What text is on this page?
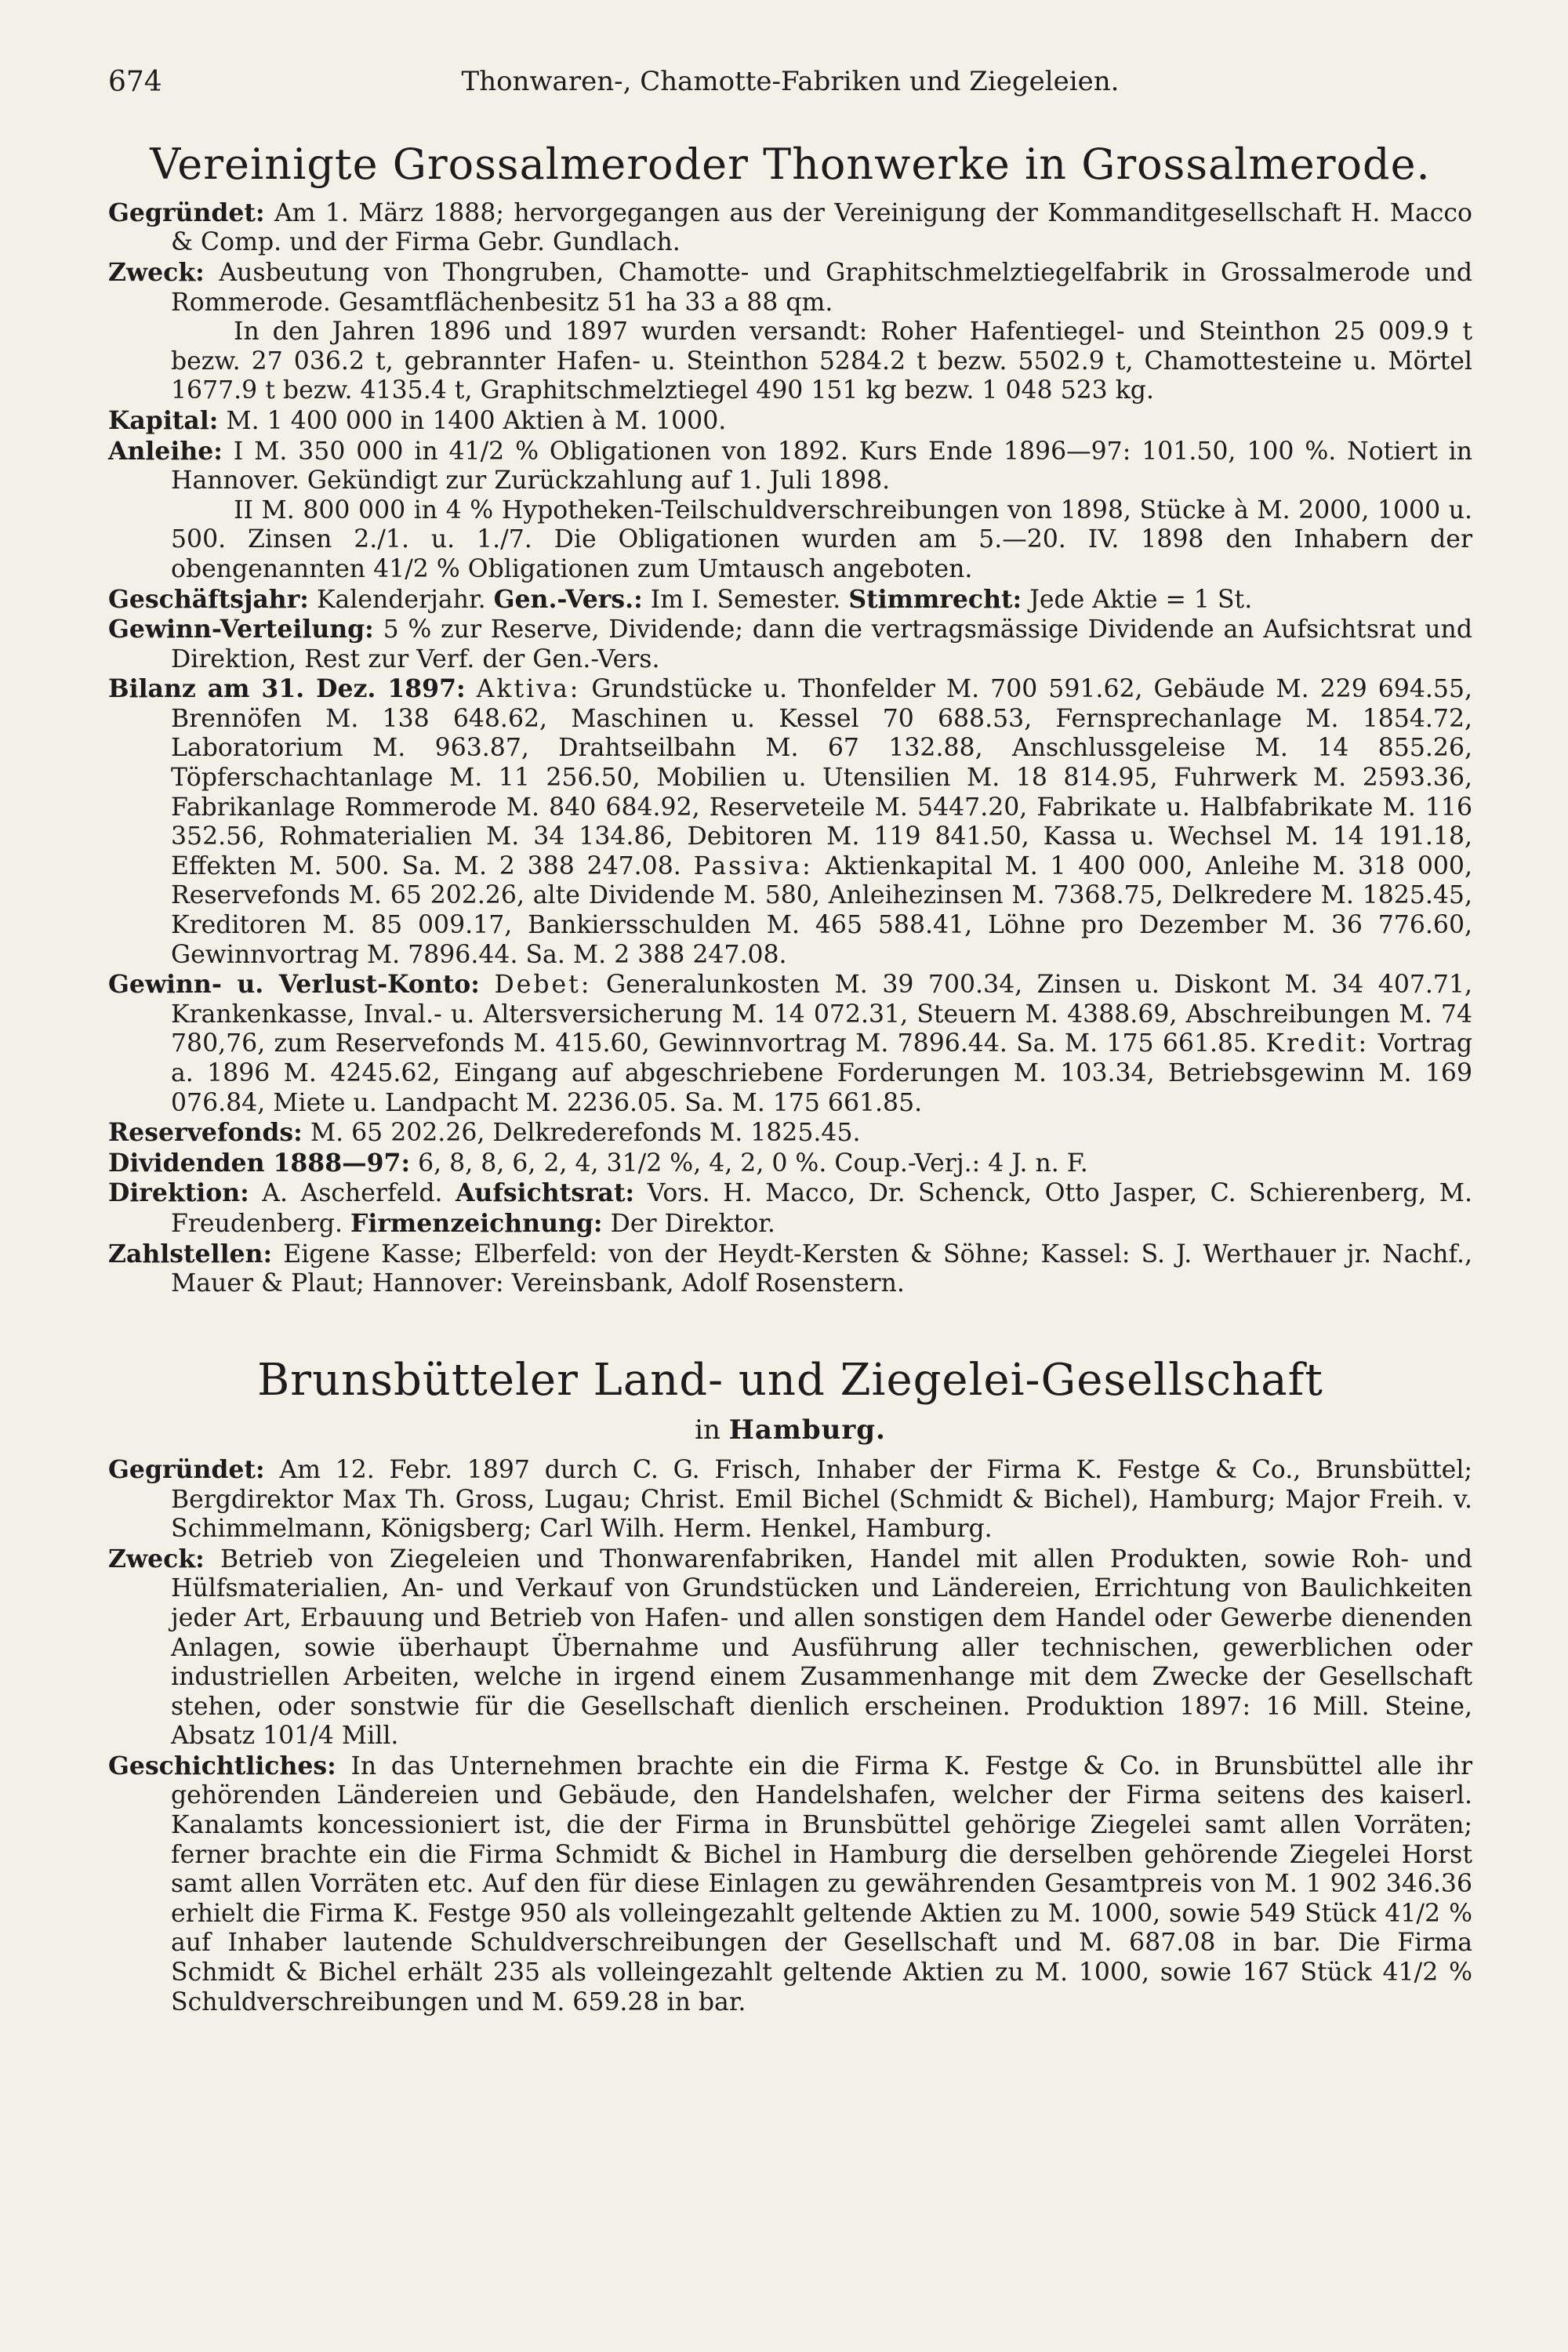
674	Thonwaren-, Chamotte-Fabriken und Ziegeleien.
Vereinigte Grossalmeroder Thonwerke in Grossalmerode.

Gegründet: Am 1. März 1888; hervorgegangen aus der Vereinigung der Kommanditgesellschaft H. Macco & Comp. und der Firma Gebr. Gundlach.

Zweck: Ausbeutung von Thongruben, Chamotte- und Graphitschmelztiegelfabrik in Grossalmerode und Rommerode. Gesamtflächenbesitz 51 ha 33 a 88 qm.

In den Jahren 1896 und 1897 wurden versandt: Roher Hafentiegel- und Steinthon 25 009.9 t bezw. 27 036.2 t, gebrannter Hafen- u. Steinthon 5284.2 t bezw. 5502.9 t, Chamottesteine u. Mörtel 1677.9 t bezw. 4135.4 t, Graphitschmelztiegel 490 151 kg bezw. 1 048 523 kg.

Kapital: M. 1 400 000 in 1400 Aktien à M. 1000.

Anleihe: I M. 350 000 in 41/2 % Obligationen von 1892. Kurs Ende 1896—97: 101.50, 100 %. Notiert in Hannover. Gekündigt zur Zurückzahlung auf 1. Juli 1898.

II M. 800 000 in 4 % Hypotheken-Teilschuldverschreibungen von 1898, Stücke à M. 2000, 1000 u. 500. Zinsen 2./1. u. 1./7. Die Obligationen wurden am 5.—20. IV. 1898 den Inhabern der obengenannten 41/2 % Obligationen zum Umtausch angeboten.

Geschäftsjahr: Kalenderjahr. Gen.-Vers.: Im I. Semester. Stimmrecht: Jede Aktie = 1 St.

Gewinn-Verteilung: 5 % zur Reserve, Dividende; dann die vertragsmässige Dividende an Aufsichtsrat und Direktion, Rest zur Verf. der Gen.-Vers.

Bilanz am 31. Dez. 1897: Aktiva: Grundstücke u. Thonfelder M. 700 591.62, Gebäude M. 229 694.55, Brennöfen M. 138 648.62, Maschinen u. Kessel 70 688.53, Fernsprechanlage M. 1854.72, Laboratorium M. 963.87, Drahtseilbahn M. 67 132.88, Anschlussgeleise M. 14 855.26, Töpferschachtanlage M. 11 256.50, Mobilien u. Utensilien M. 18 814.95, Fuhrwerk M. 2593.36, Fabrikanlage Rommerode M. 840 684.92, Reserveteile M. 5447.20, Fabrikate u. Halbfabrikate M. 116 352.56, Rohmaterialien M. 34 134.86, Debitoren M. 119 841.50, Kassa u. Wechsel M. 14 191.18, Effekten M. 500. Sa. M. 2 388 247.08. Passiva: Aktienkapital M. 1 400 000, Anleihe M. 318 000, Reservefonds M. 65 202.26, alte Dividende M. 580, Anleihezinsen M. 7368.75, Delkredere M. 1825.45, Kreditoren M. 85 009.17, Bankiersschulden M. 465 588.41, Löhne pro Dezember M. 36 776.60, Gewinnvortrag M. 7896.44. Sa. M. 2 388 247.08.

Gewinn- u. Verlust-Konto: Debet: Generalunkosten M. 39 700.34, Zinsen u. Diskont M. 34 407.71, Krankenkasse, Inval.- u. Altersversicherung M. 14 072.31, Steuern M. 4388.69, Abschreibungen M. 74 780,76, zum Reservefonds M. 415.60, Gewinnvortrag M. 7896.44. Sa. M. 175 661.85. Kredit: Vortrag a. 1896 M. 4245.62, Eingang auf abgeschriebene Forderungen M. 103.34, Betriebsgewinn M. 169 076.84, Miete u. Landpacht M. 2236.05. Sa. M. 175 661.85.

Reservefonds: M. 65 202.26, Delkrederefonds M. 1825.45.

Dividenden 1888—97: 6, 8, 8, 6, 2, 4, 31/2 %, 4, 2, 0 %. Coup.-Verj.: 4 J. n. F.

Direktion: A. Ascherfeld. Aufsichtsrat: Vors. H. Macco, Dr. Schenck, Otto Jasper, C. Schierenberg, M. Freudenberg. Firmenzeichnung: Der Direktor.

Zahlstellen: Eigene Kasse; Elberfeld: von der Heydt-Kersten & Söhne; Kassel: S. J. Werthauer jr. Nachf., Mauer & Plaut; Hannover: Vereinsbank, Adolf Rosenstern.

Brunsbütteler Land- und Ziegelei-Gesellschaft
in Hamburg.

Gegründet: Am 12. Febr. 1897 durch C. G. Frisch, Inhaber der Firma K. Festge & Co., Brunsbüttel; Bergdirektor Max Th. Gross, Lugau; Christ. Emil Bichel (Schmidt & Bichel), Hamburg; Major Freih. v. Schimmelmann, Königsberg; Carl Wilh. Herm. Henkel, Hamburg.

Zweck: Betrieb von Ziegeleien und Thonwarenfabriken, Handel mit allen Produkten, sowie Roh- und Hülfsmaterialien, An- und Verkauf von Grundstücken und Ländereien, Errichtung von Baulichkeiten jeder Art, Erbauung und Betrieb von Hafen- und allen sonstigen dem Handel oder Gewerbe dienenden Anlagen, sowie überhaupt Übernahme und Ausführung aller technischen, gewerblichen oder industriellen Arbeiten, welche in irgend einem Zusammenhange mit dem Zwecke der Gesellschaft stehen, oder sonstwie für die Gesellschaft dienlich erscheinen. Produktion 1897: 16 Mill. Steine, Absatz 101/4 Mill.

Geschichtliches: In das Unternehmen brachte ein die Firma K. Festge & Co. in Brunsbüttel alle ihr gehörenden Ländereien und Gebäude, den Handelshafen, welcher der Firma seitens des kaiserl. Kanalamts koncessioniert ist, die der Firma in Brunsbüttel gehörige Ziegelei samt allen Vorräten; ferner brachte ein die Firma Schmidt & Bichel in Hamburg die derselben gehörende Ziegelei Horst samt allen Vorräten etc. Auf den für diese Einlagen zu gewährenden Gesamtpreis von M. 1 902 346.36 erhielt die Firma K. Festge 950 als volleingezahlt geltende Aktien zu M. 1000, sowie 549 Stück 41/2 % auf Inhaber lautende Schuldverschreibungen der Gesellschaft und M. 687.08 in bar. Die Firma Schmidt & Bichel erhält 235 als volleingezahlt geltende Aktien zu M. 1000, sowie 167 Stück 41/2 % Schuldverschreibungen und M. 659.28 in bar.
